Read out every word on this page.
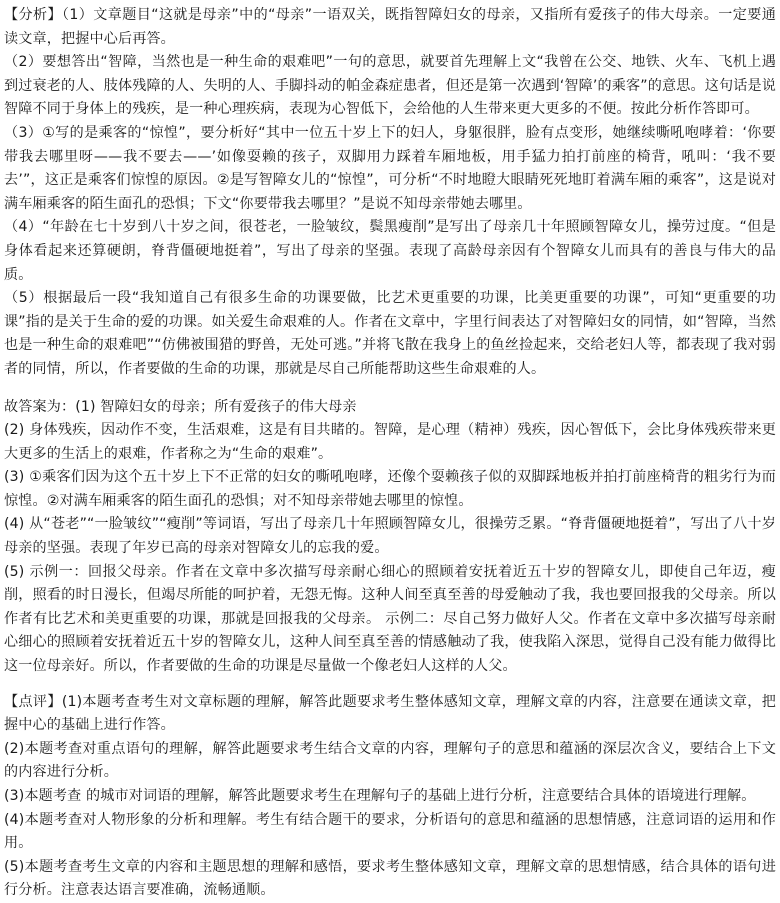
【分析】（1）文章题目“这就是母亲”中的“母亲”一语双关，既指智障妇女的母亲，又指所有爱孩子的伟大母亲。一定要通读文章，把握中心后再答。

（2）要想答出“智障，当然也是一种生命的艰难吧”一句的意思，就要首先理解上文“我曾在公交、地铁、火车、飞机上遇到过衰老的人、肢体残障的人、失明的人、手脚抖动的帕金森症患者，但还是第一次遇到‘智障’的乘客”的意思。这句话是说智障不同于身体上的残疾，是一种心理疾病，表现为心智低下，会给他的人生带来更大更多的不便。按此分析作答即可。

（3）①写的是乘客的“惊惶”，要分析好“其中一位五十岁上下的妇人，身躯很胖，脸有点变形，她继续嘶吼咆哮着：‘你要带我去哪里呀——我不要去——’如像耍赖的孩子，双脚用力踩着车厢地板，用手猛力拍打前座的椅背，吼叫：‘我不要去’”，这正是乘客们惊惶的原因。②是写智障女儿的“惊惶”，可分析“不时地瞪大眼睛死死地盯着满车厢的乘客”，这是说对满车厢乘客的陌生面孔的恐惧；下文“你要带我去哪里？”是说不知母亲带她去哪里。

（4）“年龄在七十岁到八十岁之间，很苍老，一脸皱纹，鬓黑瘦削”是写出了母亲几十年照顾智障女儿，操劳过度。“但是身体看起来还算硬朗，脊背僵硬地挺着”，写出了母亲的坚强。表现了高龄母亲因有个智障女儿而具有的善良与伟大的品质。

（5）根据最后一段“我知道自己有很多生命的功课要做，比艺术更重要的功课，比美更重要的功课”，可知“更重要的功课”指的是关于生命的爱的功课。如关爱生命艰难的人。作者在文章中，字里行间表达了对智障妇女的同情，如“智障，当然也是一种生命的艰难吧”“仿佛被围猎的野兽，无处可逃。”并将飞散在我身上的鱼丝捡起来，交给老妇人等，都表现了我对弱者的同情，所以，作者要做的生命的功课，那就是尽自己所能帮助这些生命艰难的人。

故答案为：(1) 智障妇女的母亲；所有爱孩子的伟大母亲

(2) 身体残疾，因动作不变，生活艰难，这是有目共睹的。智障，是心理（精神）残疾，因心智低下，会比身体残疾带来更大更多的生活上的艰难，作者称之为“生命的艰难”。

(3) ①乘客们因为这个五十岁上下不正常的妇女的嘶吼咆哮，还像个耍赖孩子似的双脚踩地板并拍打前座椅背的粗劣行为而惊惶。②对满车厢乘客的陌生面孔的恐惧；对不知母亲带她去哪里的惊惶。

(4) 从“苍老”“一脸皱纹”“瘦削”等词语，写出了母亲几十年照顾智障女儿，很操劳乏累。“脊背僵硬地挺着”，写出了八十岁母亲的坚强。表现了年岁已高的母亲对智障女儿的忘我的爱。

(5) 示例一：回报父母亲。作者在文章中多次描写母亲耐心细心的照顾着安抚着近五十岁的智障女儿，即使自己年迈，瘦削，照看的时日漫长，但竭尽所能的呵护着，无怨无悔。这种人间至真至善的母爱触动了我，我也要回报我的父母亲。所以作者有比艺术和美更重要的功课，那就是回报我的父母亲。 示例二：尽自己努力做好人父。作者在文章中多次描写母亲耐心细心的照顾着安抚着近五十岁的智障女儿，这种人间至真至善的情感触动了我，使我陷入深思，觉得自己没有能力做得比这一位母亲好。所以，作者要做的生命的功课是尽量做一个像老妇人这样的人父。

【点评】(1)本题考查考生对文章标题的理解，解答此题要求考生整体感知文章，理解文章的内容，注意要在通读文章，把握中心的基础上进行作答。

(2)本题考查对重点语句的理解，解答此题要求考生结合文章的内容，理解句子的意思和蕴涵的深层次含义，要结合上下文的内容进行分析。

(3)本题考查 的城市对词语的理解，解答此题要求考生在理解句子的基础上进行分析，注意要结合具体的语境进行理解。

(4)本题考查对人物形象的分析和理解。考生有结合题干的要求，分析语句的意思和蕴涵的思想情感，注意词语的运用和作用。

(5)本题考查考生文章的内容和主题思想的理解和感悟，要求考生整体感知文章，理解文章的思想情感，结合具体的语句进行分析。注意表达语言要准确，流畅通顺。
